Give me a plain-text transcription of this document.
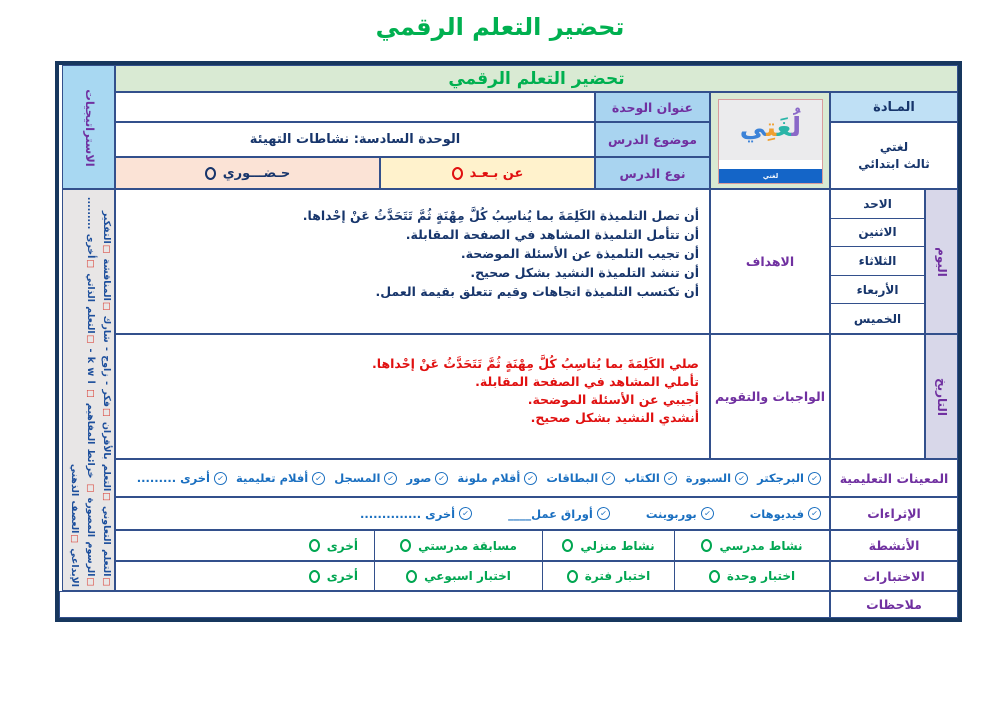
تحضير التعلم الرقمي
الاستراتيجيات
□التعلم التعاوني □التعلم بالأقران □فكر - زاوج - شارك □المناقشة □التفكير
□الرسوم المصورة □ خرائط المفاهيم □ k w l - □التعلم الذاتي □أخرى .........
الإبداعي □العصف الذهني
تحضير التعلم الرقمي
عنوان الوحدة
الوحدة السادسة: نشاطات التهيئة	موضوع الدرس
حـضـــوري	عن بـعـد	نوع الدرس
لُغَتِي
لغتي
المـادة
لغتي
ثالث ابتدائي
أن تصل التلميذة الكَلِمَةَ بما يُناسِبُ كُلَّ مِهْنَةٍ ثُمَّ تَتَحَدَّثُ عَنْ إحْداها.
أن تتأمل التلميذة المشاهد في الصفحة المقابلة.
أن تجيب التلميذة عن الأسئلة الموضحة.
أن تنشد التلميذة النشيد بشكل صحيح.
أن تكتسب التلميذة اتجاهات وقيم تتعلق بقيمة العمل.
الاهداف
الاحد
الاثنين
الثلاثاء
الأربعاء
الخميس
اليوم
صلي الكَلِمَةَ بما يُناسِبُ كُلَّ مِهْنَةٍ ثُمَّ تَتَحَدَّثُ عَنْ إحْداها.
تأملي المشاهد في الصفحة المقابلة.
أجيبي عن الأسئلة الموضحة.
أنشدي النشيد بشكل صحيح.
الواجبات والتقويم	التاريخ
✓
البرجكتر
✓
السبورة
✓
الكتاب
✓
البطاقات
✓
أقلام ملونة
✓
صور
✓
المسجل
✓
أفلام تعليمية
✓
أخرى .........	المعينات التعليمية
✓
فيديوهات
✓
بوربوينت
✓
أوراق عمل____
✓
أخرى ..............	الإثراءات
نشاط مدرسي
نشاط منزلي
مسابقة مدرستي
أخرى	الأنشطة
اختبار وحدة
اختبار فترة
اختبار اسبوعي
أخرى	الاختبارات
ملاحظات
